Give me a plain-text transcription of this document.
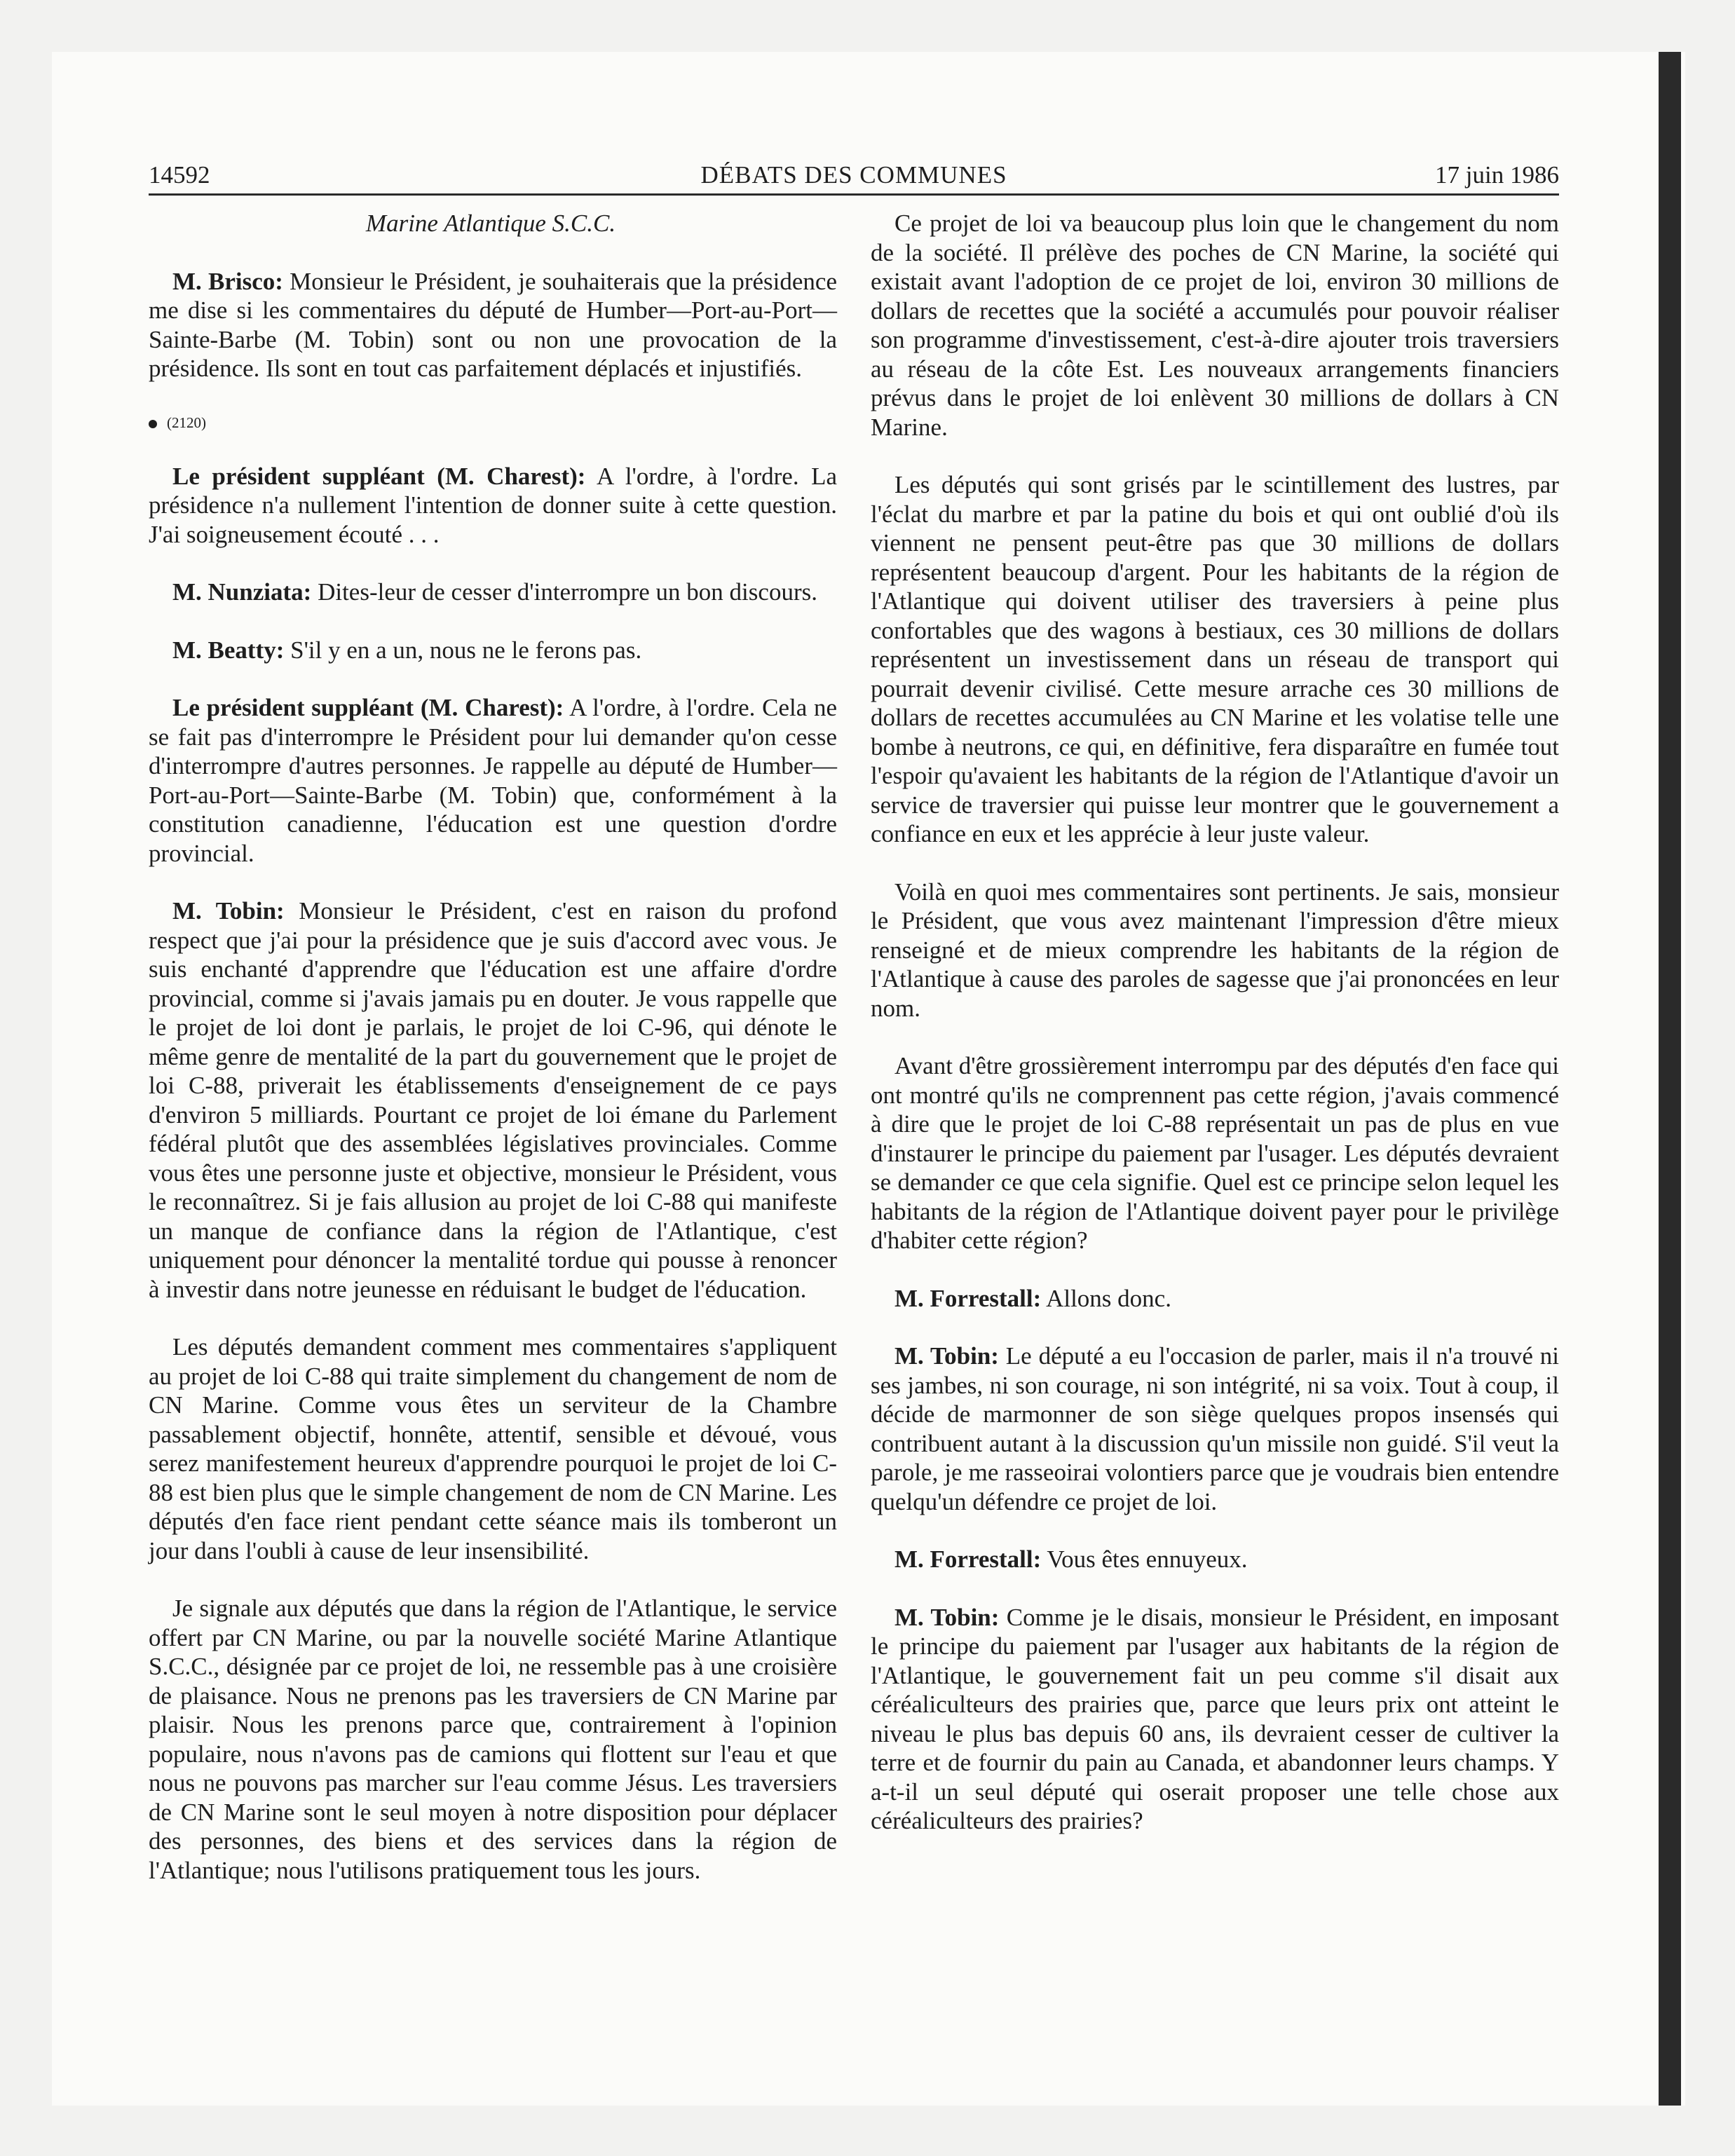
14592	DÉBATS DES COMMUNES	17 juin 1986

Marine Atlantique S.C.C.

M. Brisco: Monsieur le Président, je souhaiterais que la présidence me dise si les commentaires du député de Humber—Port-au-Port—Sainte-Barbe (M. Tobin) sont ou non une provocation de la présidence. Ils sont en tout cas parfaitement déplacés et injustifiés.

(2120)

Le président suppléant (M. Charest): A l'ordre, à l'ordre. La présidence n'a nullement l'intention de donner suite à cette question. J'ai soigneusement écouté . . .

M. Nunziata: Dites-leur de cesser d'interrompre un bon discours.

M. Beatty: S'il y en a un, nous ne le ferons pas.

Le président suppléant (M. Charest): A l'ordre, à l'ordre. Cela ne se fait pas d'interrompre le Président pour lui demander qu'on cesse d'interrompre d'autres personnes. Je rappelle au député de Humber—Port-au-Port—Sainte-Barbe (M. Tobin) que, conformément à la constitution canadienne, l'éducation est une question d'ordre provincial.

M. Tobin: Monsieur le Président, c'est en raison du profond respect que j'ai pour la présidence que je suis d'accord avec vous. Je suis enchanté d'apprendre que l'éducation est une affaire d'ordre provincial, comme si j'avais jamais pu en douter. Je vous rappelle que le projet de loi dont je parlais, le projet de loi C-96, qui dénote le même genre de mentalité de la part du gouvernement que le projet de loi C-88, priverait les établissements d'enseignement de ce pays d'environ 5 milliards. Pourtant ce projet de loi émane du Parlement fédéral plutôt que des assemblées législatives provinciales. Comme vous êtes une personne juste et objective, monsieur le Président, vous le reconnaîtrez. Si je fais allusion au projet de loi C-88 qui manifeste un manque de confiance dans la région de l'Atlantique, c'est uniquement pour dénoncer la mentalité tordue qui pousse à renoncer à investir dans notre jeunesse en réduisant le budget de l'éducation.

Les députés demandent comment mes commentaires s'appliquent au projet de loi C-88 qui traite simplement du changement de nom de CN Marine. Comme vous êtes un serviteur de la Chambre passablement objectif, honnête, attentif, sensible et dévoué, vous serez manifestement heureux d'apprendre pourquoi le projet de loi C-88 est bien plus que le simple changement de nom de CN Marine. Les députés d'en face rient pendant cette séance mais ils tomberont un jour dans l'oubli à cause de leur insensibilité.

Je signale aux députés que dans la région de l'Atlantique, le service offert par CN Marine, ou par la nouvelle société Marine Atlantique S.C.C., désignée par ce projet de loi, ne ressemble pas à une croisière de plaisance. Nous ne prenons pas les traversiers de CN Marine par plaisir. Nous les prenons parce que, contrairement à l'opinion populaire, nous n'avons pas de camions qui flottent sur l'eau et que nous ne pouvons pas marcher sur l'eau comme Jésus. Les traversiers de CN Marine sont le seul moyen à notre disposition pour déplacer des personnes, des biens et des services dans la région de l'Atlantique; nous l'utilisons pratiquement tous les jours.

Ce projet de loi va beaucoup plus loin que le changement du nom de la société. Il prélève des poches de CN Marine, la société qui existait avant l'adoption de ce projet de loi, environ 30 millions de dollars de recettes que la société a accumulés pour pouvoir réaliser son programme d'investissement, c'est-à-dire ajouter trois traversiers au réseau de la côte Est. Les nouveaux arrangements financiers prévus dans le projet de loi enlèvent 30 millions de dollars à CN Marine.

Les députés qui sont grisés par le scintillement des lustres, par l'éclat du marbre et par la patine du bois et qui ont oublié d'où ils viennent ne pensent peut-être pas que 30 millions de dollars représentent beaucoup d'argent. Pour les habitants de la région de l'Atlantique qui doivent utiliser des traversiers à peine plus confortables que des wagons à bestiaux, ces 30 millions de dollars représentent un investissement dans un réseau de transport qui pourrait devenir civilisé. Cette mesure arrache ces 30 millions de dollars de recettes accumulées au CN Marine et les volatise telle une bombe à neutrons, ce qui, en définitive, fera disparaître en fumée tout l'espoir qu'avaient les habitants de la région de l'Atlantique d'avoir un service de traversier qui puisse leur montrer que le gouvernement a confiance en eux et les apprécie à leur juste valeur.

Voilà en quoi mes commentaires sont pertinents. Je sais, monsieur le Président, que vous avez maintenant l'impression d'être mieux renseigné et de mieux comprendre les habitants de la région de l'Atlantique à cause des paroles de sagesse que j'ai prononcées en leur nom.

Avant d'être grossièrement interrompu par des députés d'en face qui ont montré qu'ils ne comprennent pas cette région, j'avais commencé à dire que le projet de loi C-88 représentait un pas de plus en vue d'instaurer le principe du paiement par l'usager. Les députés devraient se demander ce que cela signifie. Quel est ce principe selon lequel les habitants de la région de l'Atlantique doivent payer pour le privilège d'habiter cette région?

M. Forrestall: Allons donc.

M. Tobin: Le député a eu l'occasion de parler, mais il n'a trouvé ni ses jambes, ni son courage, ni son intégrité, ni sa voix. Tout à coup, il décide de marmonner de son siège quelques propos insensés qui contribuent autant à la discussion qu'un missile non guidé. S'il veut la parole, je me rasseoirai volontiers parce que je voudrais bien entendre quelqu'un défendre ce projet de loi.

M. Forrestall: Vous êtes ennuyeux.

M. Tobin: Comme je le disais, monsieur le Président, en imposant le principe du paiement par l'usager aux habitants de la région de l'Atlantique, le gouvernement fait un peu comme s'il disait aux céréaliculteurs des prairies que, parce que leurs prix ont atteint le niveau le plus bas depuis 60 ans, ils devraient cesser de cultiver la terre et de fournir du pain au Canada, et abandonner leurs champs. Y a-t-il un seul député qui oserait proposer une telle chose aux céréaliculteurs des prairies?
